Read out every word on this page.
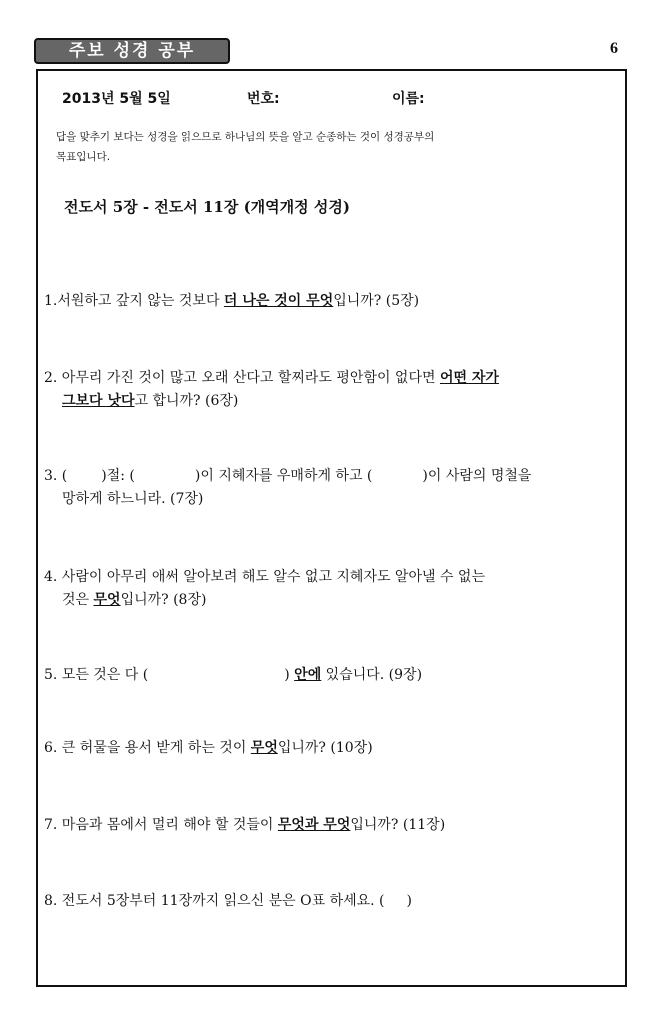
주보 성경 공부	6
2013년 5월 5일	번호:	이름:
답을 맞추기 보다는 성경을 읽으므로 하나님의 뜻을 알고 순종하는 것이 성경공부의
목표입니다.
전도서 5장 - 전도서 11장 (개역개정 성경)
1.서원하고 갚지 않는 것보다 더 나은 것이 무엇입니까? (5장)
2. 아무리 가진 것이 많고 오래 산다고 할찌라도 평안함이 없다면 어떤 자가
그보다 낫다고 합니까? (6장)
3. ( )절: (	)이 지혜자를 우매하게 하고 (	)이 사람의 명철을
망하게 하느니라. (7장)
4. 사람이 아무리 애써 알아보려 해도 알수 없고 지혜자도 알아낼 수 없는
것은 무엇입니까? (8장)
5. 모든 것은 다 (	) 안에 있습니다. (9장)
6. 큰 허물을 용서 받게 하는 것이 무엇입니까? (10장)
7. 마음과 몸에서 멀리 해야 할 것들이 무엇과 무엇입니까? (11장)
8. 전도서 5장부터 11장까지 읽으신 분은 O표 하세요. ( )
